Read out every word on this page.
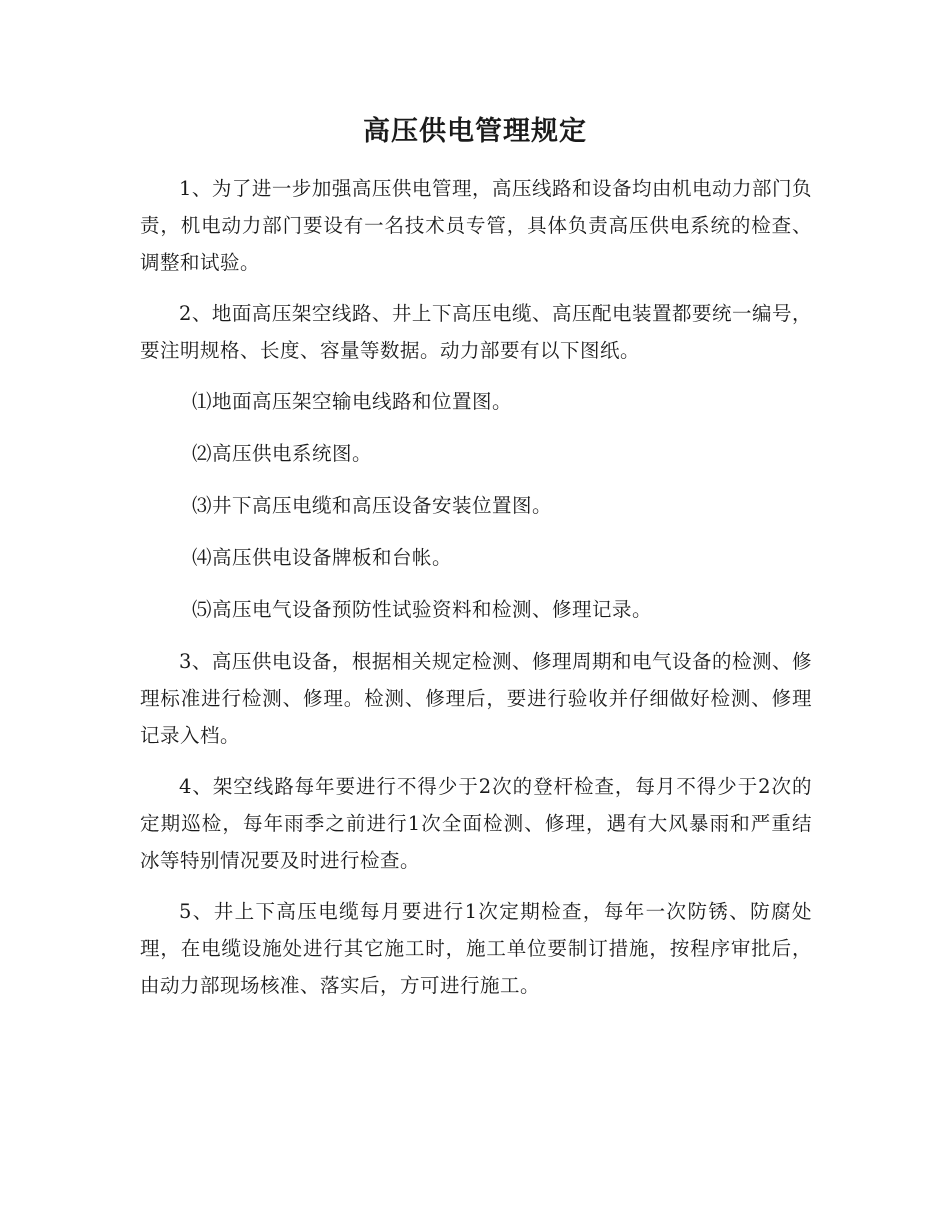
高压供电管理规定

1、为了进一步加强高压供电管理，高压线路和设备均由机电动力部门负责，机电动力部门要设有一名技术员专管，具体负责高压供电系统的检查、调整和试验。

2、地面高压架空线路、井上下高压电缆、高压配电装置都要统一编号，要注明规格、长度、容量等数据。动力部要有以下图纸。

⑴地面高压架空输电线路和位置图。

⑵高压供电系统图。

⑶井下高压电缆和高压设备安装位置图。

⑷高压供电设备牌板和台帐。

⑸高压电气设备预防性试验资料和检测、修理记录。

3、高压供电设备，根据相关规定检测、修理周期和电气设备的检测、修理标准进行检测、修理。检测、修理后，要进行验收并仔细做好检测、修理记录入档。

4、架空线路每年要进行不得少于2次的登杆检查，每月不得少于2次的定期巡检，每年雨季之前进行1次全面检测、修理，遇有大风暴雨和严重结冰等特别情况要及时进行检查。

5、井上下高压电缆每月要进行1次定期检查，每年一次防锈、防腐处理，在电缆设施处进行其它施工时，施工单位要制订措施，按程序审批后，由动力部现场核准、落实后，方可进行施工。
